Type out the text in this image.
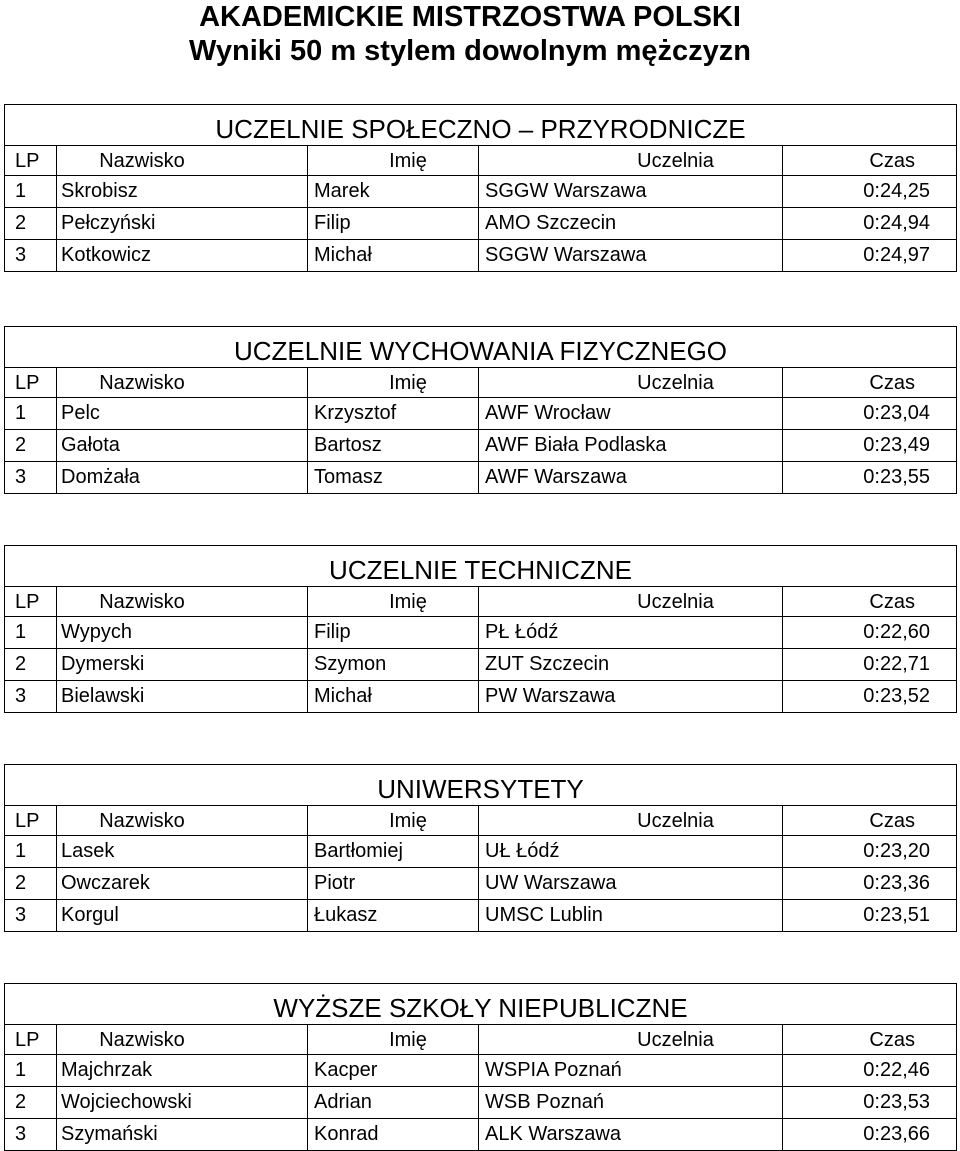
AKADEMICKIE MISTRZOSTWA POLSKI
Wyniki 50 m stylem dowolnym mężczyzn
UCZELNIE SPOŁECZNO – PRZYRODNICZE
LP	Nazwisko	Imię	Uczelnia	Czas
1	Skrobisz	Marek	SGGW Warszawa	0:24,25
2	Pełczyński	Filip	AMO Szczecin	0:24,94
3	Kotkowicz	Michał	SGGW Warszawa	0:24,97
UCZELNIE WYCHOWANIA FIZYCZNEGO
LP	Nazwisko	Imię	Uczelnia	Czas
1	Pelc	Krzysztof	AWF Wrocław	0:23,04
2	Gałota	Bartosz	AWF Biała Podlaska	0:23,49
3	Domżała	Tomasz	AWF Warszawa	0:23,55
UCZELNIE TECHNICZNE
LP	Nazwisko	Imię	Uczelnia	Czas
1	Wypych	Filip	PŁ Łódź	0:22,60
2	Dymerski	Szymon	ZUT Szczecin	0:22,71
3	Bielawski	Michał	PW Warszawa	0:23,52
UNIWERSYTETY
LP	Nazwisko	Imię	Uczelnia	Czas
1	Lasek	Bartłomiej	UŁ Łódź	0:23,20
2	Owczarek	Piotr	UW Warszawa	0:23,36
3	Korgul	Łukasz	UMSC Lublin	0:23,51
WYŻSZE SZKOŁY NIEPUBLICZNE
LP	Nazwisko	Imię	Uczelnia	Czas
1	Majchrzak	Kacper	WSPIA Poznań	0:22,46
2	Wojciechowski	Adrian	WSB Poznań	0:23,53
3	Szymański	Konrad	ALK Warszawa	0:23,66
